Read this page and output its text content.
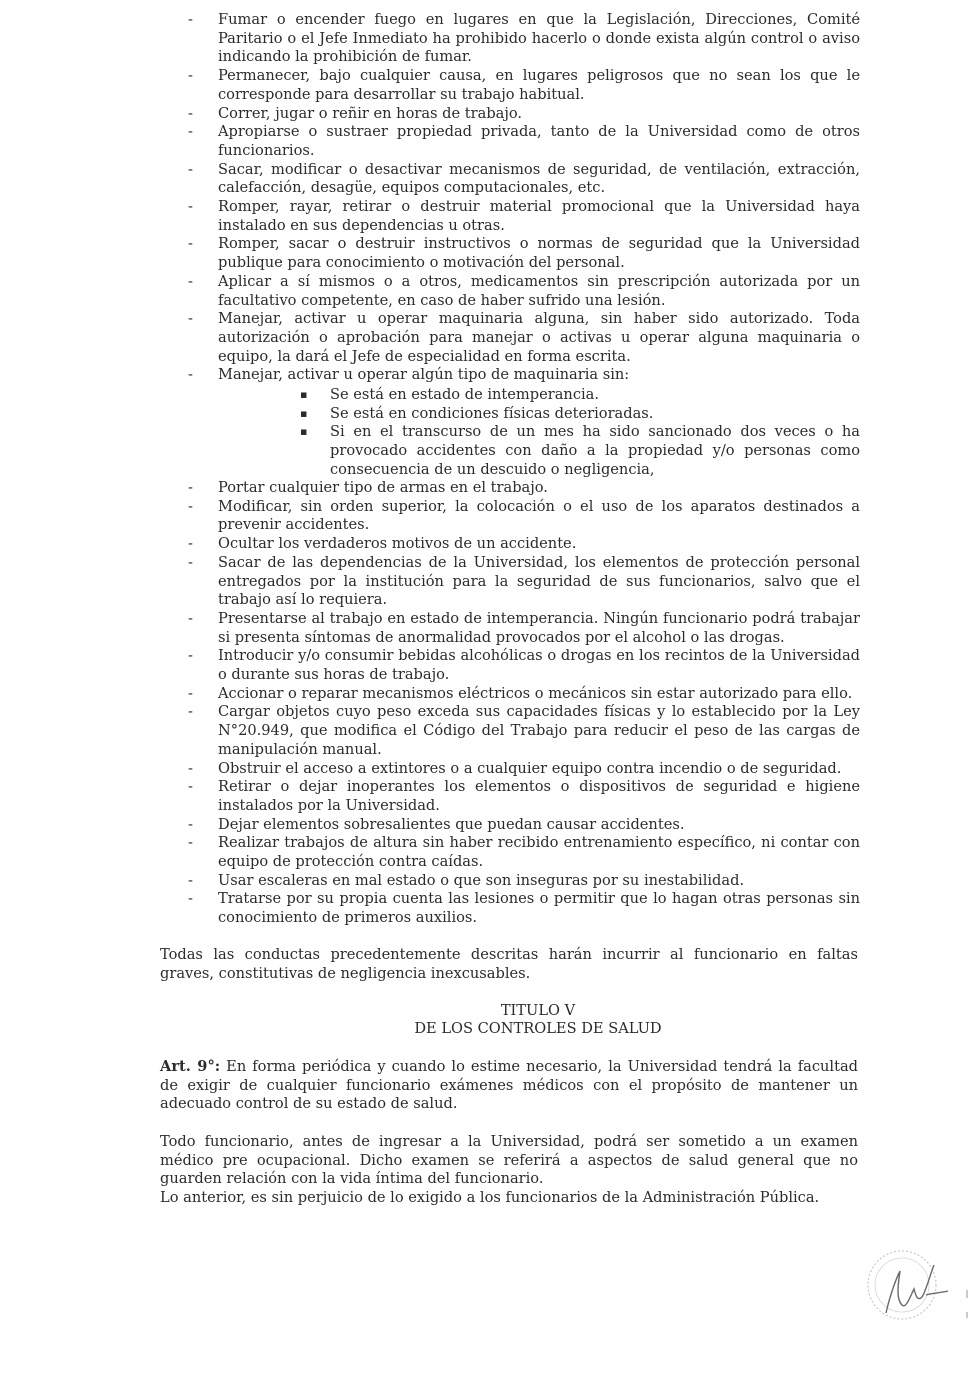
- Fumar o encender fuego en lugares en que la Legislación, Direcciones, Comité Paritario o el Jefe Inmediato ha prohibido hacerlo o donde exista algún control o aviso indicando la prohibición de fumar.
- Permanecer, bajo cualquier causa, en lugares peligrosos que no sean los que le corresponde para desarrollar su trabajo habitual.
- Correr, jugar o reñir en horas de trabajo.
- Apropiarse o sustraer propiedad privada, tanto de la Universidad como de otros funcionarios.
- Sacar, modificar o desactivar mecanismos de seguridad, de ventilación, extracción, calefacción, desagüe, equipos computacionales, etc.
- Romper, rayar, retirar o destruir material promocional que la Universidad haya instalado en sus dependencias u otras.
- Romper, sacar o destruir instructivos o normas de seguridad que la Universidad publique para conocimiento o motivación del personal.
- Aplicar a sí mismos o a otros, medicamentos sin prescripción autorizada por un facultativo competente, en caso de haber sufrido una lesión.
- Manejar, activar u operar maquinaria alguna, sin haber sido autorizado. Toda autorización o aprobación para manejar o activas u operar alguna maquinaria o equipo, la dará el Jefe de especialidad en forma escrita.
- Manejar, activar u operar algún tipo de maquinaria sin:
▪ Se está en estado de intemperancia.
▪ Se está en condiciones físicas deterioradas.
▪ Si en el transcurso de un mes ha sido sancionado dos veces o ha provocado accidentes con daño a la propiedad y/o personas como consecuencia de un descuido o negligencia,
- Portar cualquier tipo de armas en el trabajo.
- Modificar, sin orden superior, la colocación o el uso de los aparatos destinados a prevenir accidentes.
- Ocultar los verdaderos motivos de un accidente.
- Sacar de las dependencias de la Universidad, los elementos de protección personal entregados por la institución para la seguridad de sus funcionarios, salvo que el trabajo así lo requiera.
- Presentarse al trabajo en estado de intemperancia. Ningún funcionario podrá trabajar si presenta síntomas de anormalidad provocados por el alcohol o las drogas.
- Introducir y/o consumir bebidas alcohólicas o drogas en los recintos de la Universidad o durante sus horas de trabajo.
- Accionar o reparar mecanismos eléctricos o mecánicos sin estar autorizado para ello.
- Cargar objetos cuyo peso exceda sus capacidades físicas y lo establecido por la Ley N°20.949, que modifica el Código del Trabajo para reducir el peso de las cargas de manipulación manual.
- Obstruir el acceso a extintores o a cualquier equipo contra incendio o de seguridad.
- Retirar o dejar inoperantes los elementos o dispositivos de seguridad e higiene instalados por la Universidad.
- Dejar elementos sobresalientes que puedan causar accidentes.
- Realizar trabajos de altura sin haber recibido entrenamiento específico, ni contar con equipo de protección contra caídas.
- Usar escaleras en mal estado o que son inseguras por su inestabilidad.
- Tratarse por su propia cuenta las lesiones o permitir que lo hagan otras personas sin conocimiento de primeros auxilios.

Todas las conductas precedentemente descritas harán incurrir al funcionario en faltas graves, constitutivas de negligencia inexcusables.

TITULO V

DE LOS CONTROLES DE SALUD

Art. 9°: En forma periódica y cuando lo estime necesario, la Universidad tendrá la facultad de exigir de cualquier funcionario exámenes médicos con el propósito de mantener un adecuado control de su estado de salud.

Todo funcionario, antes de ingresar a la Universidad, podrá ser sometido a un examen médico pre ocupacional. Dicho examen se referirá a aspectos de salud general que no guarden relación con la vida íntima del funcionario.

Lo anterior, es sin perjuicio de lo exigido a los funcionarios de la Administración Pública.
